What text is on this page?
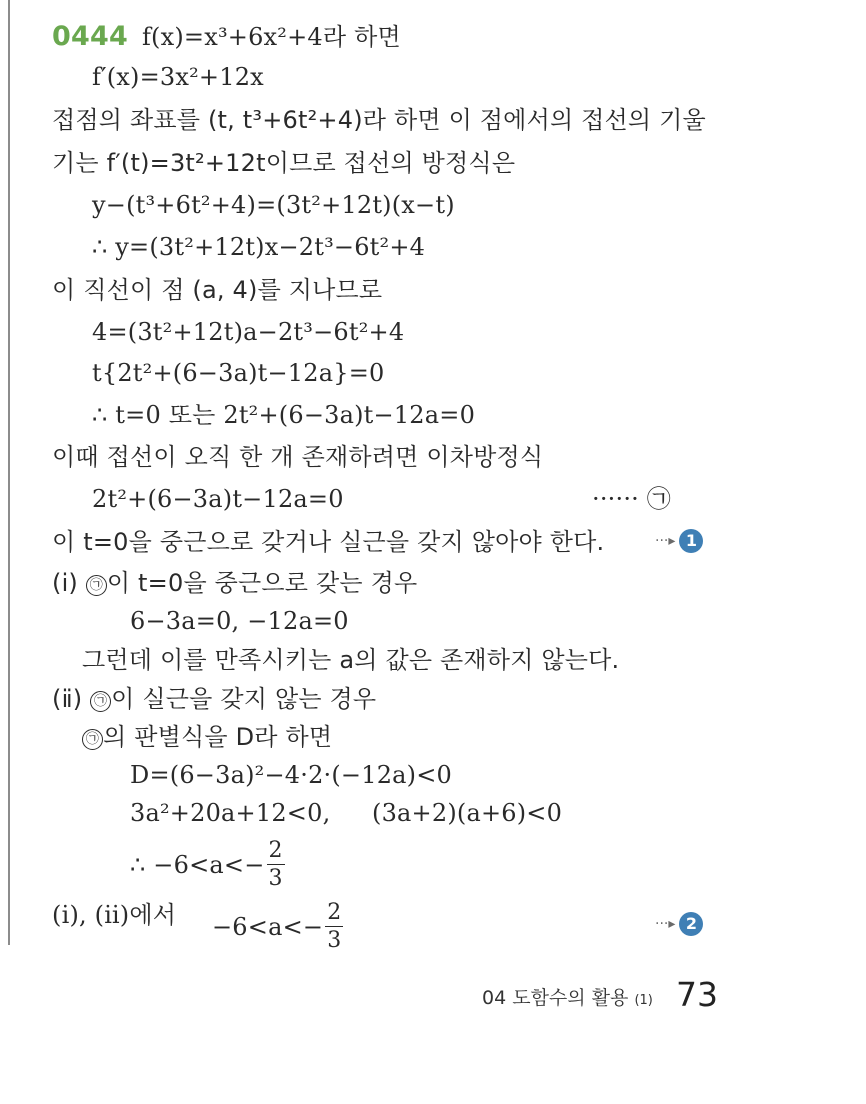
0444 f(x)=x³+6x²+4라 하면
f′(x)=3x²+12x
접점의 좌표를 (t, t³+6t²+4)라 하면 이 점에서의 접선의 기울
기는 f′(t)=3t²+12t이므로 접선의 방정식은
y−(t³+6t²+4)=(3t²+12t)(x−t)
∴ y=(3t²+12t)x−2t³−6t²+4
이 직선이 점 (a, 4)를 지나므로
4=(3t²+12t)a−2t³−6t²+4
t{2t²+(6−3a)t−12a}=0
∴ t=0 또는 2t²+(6−3a)t−12a=0
이때 접선이 오직 한 개 존재하려면 이차방정식
2t²+(6−3a)t−12a=0	······ ㉠
이 t=0을 중근으로 갖거나 실근을 갖지 않아야 한다.	···▸ 1
(ⅰ) ㉠ 이 t=0을 중근으로 갖는 경우
6−3a=0, −12a=0
그런데 이를 만족시키는 a의 값은 존재하지 않는다.
(ⅱ) ㉠ 이 실근을 갖지 않는 경우
㉠ 의 판별식을 D라 하면
D=(6−3a)²−4·2·(−12a)<0
3a²+20a+12<0, (3a+2)(a+6)<0
∴ $-6<a<- \frac{2}{3}$
(ⅰ), (ⅱ)에서 $-6<a<- \frac{2}{3}$	···▸ 2
04 도함수의 활용 (1) 73
